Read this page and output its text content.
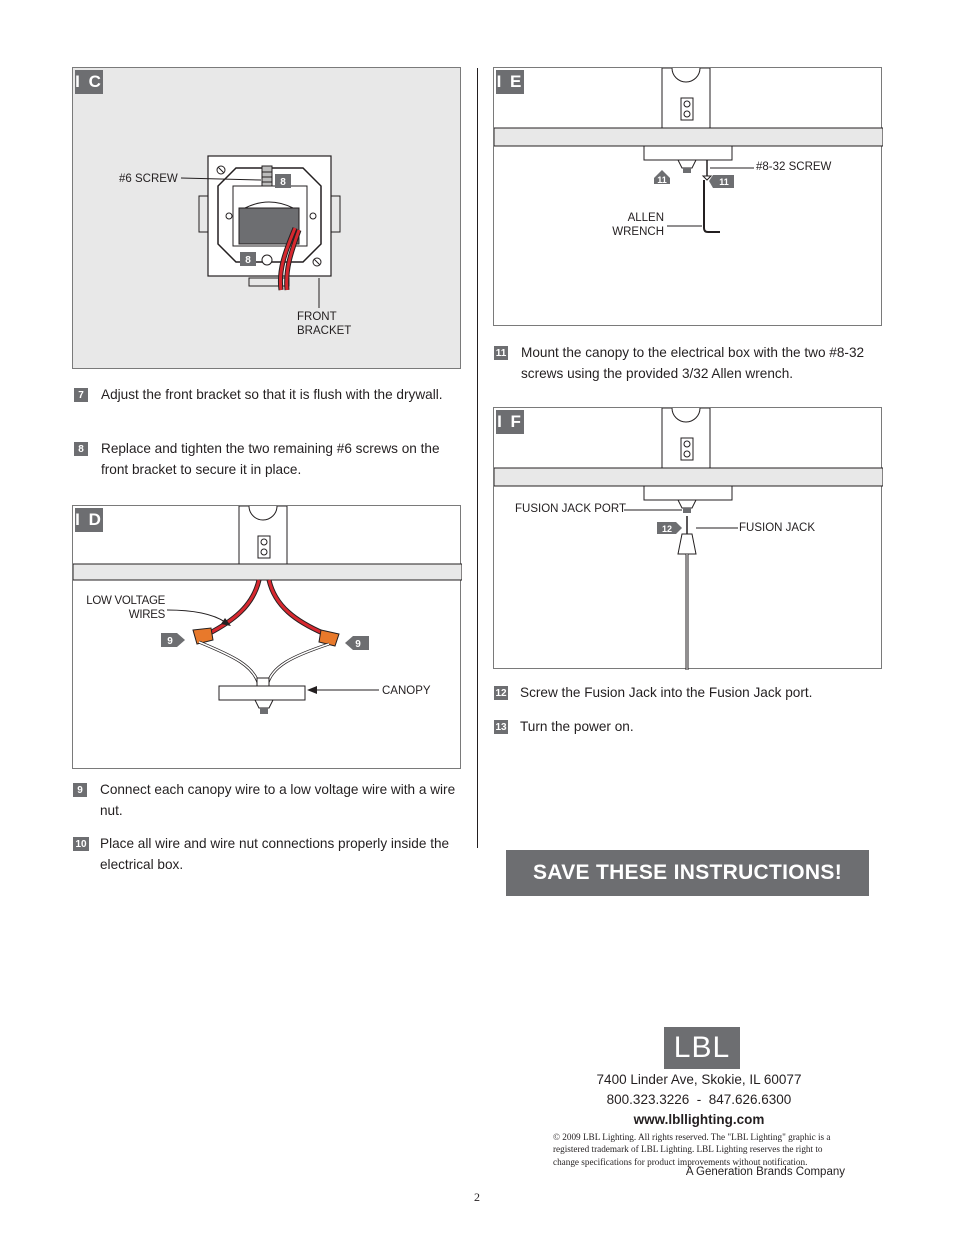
I C
8
8
#6 SCREW
FRONT
BRACKET
7	Adjust the front bracket so that it is flush with the drywall.
8	Replace and tighten the two remaining #6 screws on the front bracket to secure it in place.
I D
9	9
LOW VOLTAGE
WIRES
CANOPY
9	Connect each canopy wire to a low voltage wire with a wire nut.
10 Place all wire and wire nut connections properly inside the electrical box.
I E
11	11
#8-32 SCREW
ALLEN
WRENCH
11 Mount the canopy to the electrical box with the two #8-32 screws using the provided 3/32 Allen wrench.
I F
12
FUSION JACK PORT
FUSION JACK
12 Screw the Fusion Jack into the Fusion Jack port.
13 Turn the power on.
SAVE THESE INSTRUCTIONS!
LBL
7400 Linder Ave, Skokie, IL 60077
800.323.3226  -  847.626.6300
www.lbllighting.com
© 2009 LBL Lighting. All rights reserved. The "LBL Lighting" graphic is a registered trademark of LBL Lighting. LBL Lighting reserves the right to change specifications for product improvements without notification.
A Generation Brands Company
2
